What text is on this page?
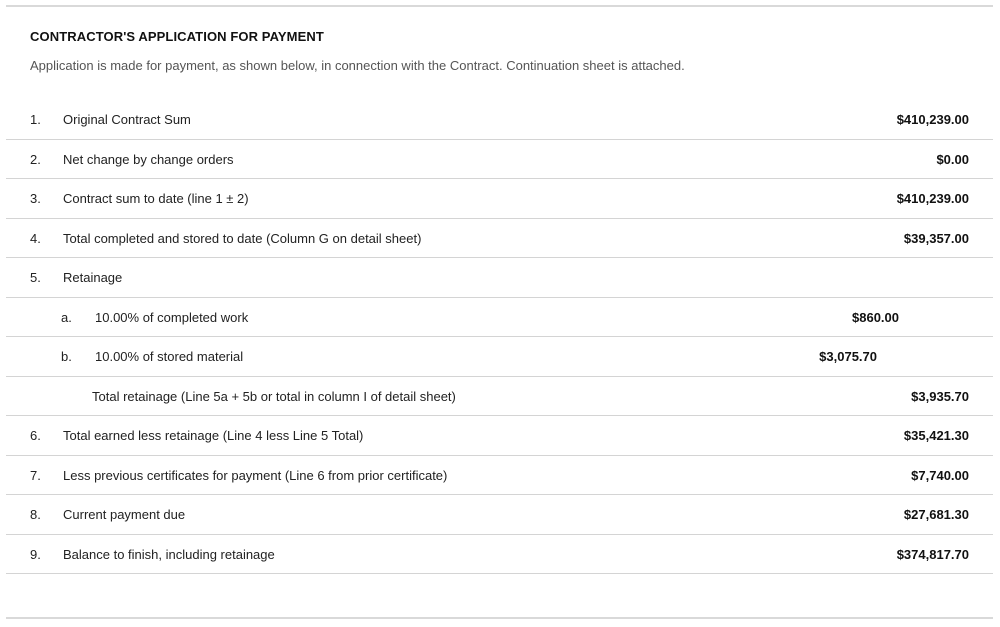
CONTRACTOR'S APPLICATION FOR PAYMENT
Application is made for payment, as shown below, in connection with the Contract. Continuation sheet is attached.
1. Original Contract Sum	$410,239.00
2. Net change by change orders	$0.00
3. Contract sum to date (line 1 ± 2)	$410,239.00
4. Total completed and stored to date (Column G on detail sheet)	$39,357.00
5. Retainage
a. 10.00% of completed work	$860.00
b. 10.00% of stored material	$3,075.70
Total retainage (Line 5a + 5b or total in column I of detail sheet)	$3,935.70
6. Total earned less retainage (Line 4 less Line 5 Total)	$35,421.30
7. Less previous certificates for payment (Line 6 from prior certificate)	$7,740.00
8. Current payment due	$27,681.30
9. Balance to finish, including retainage	$374,817.70
